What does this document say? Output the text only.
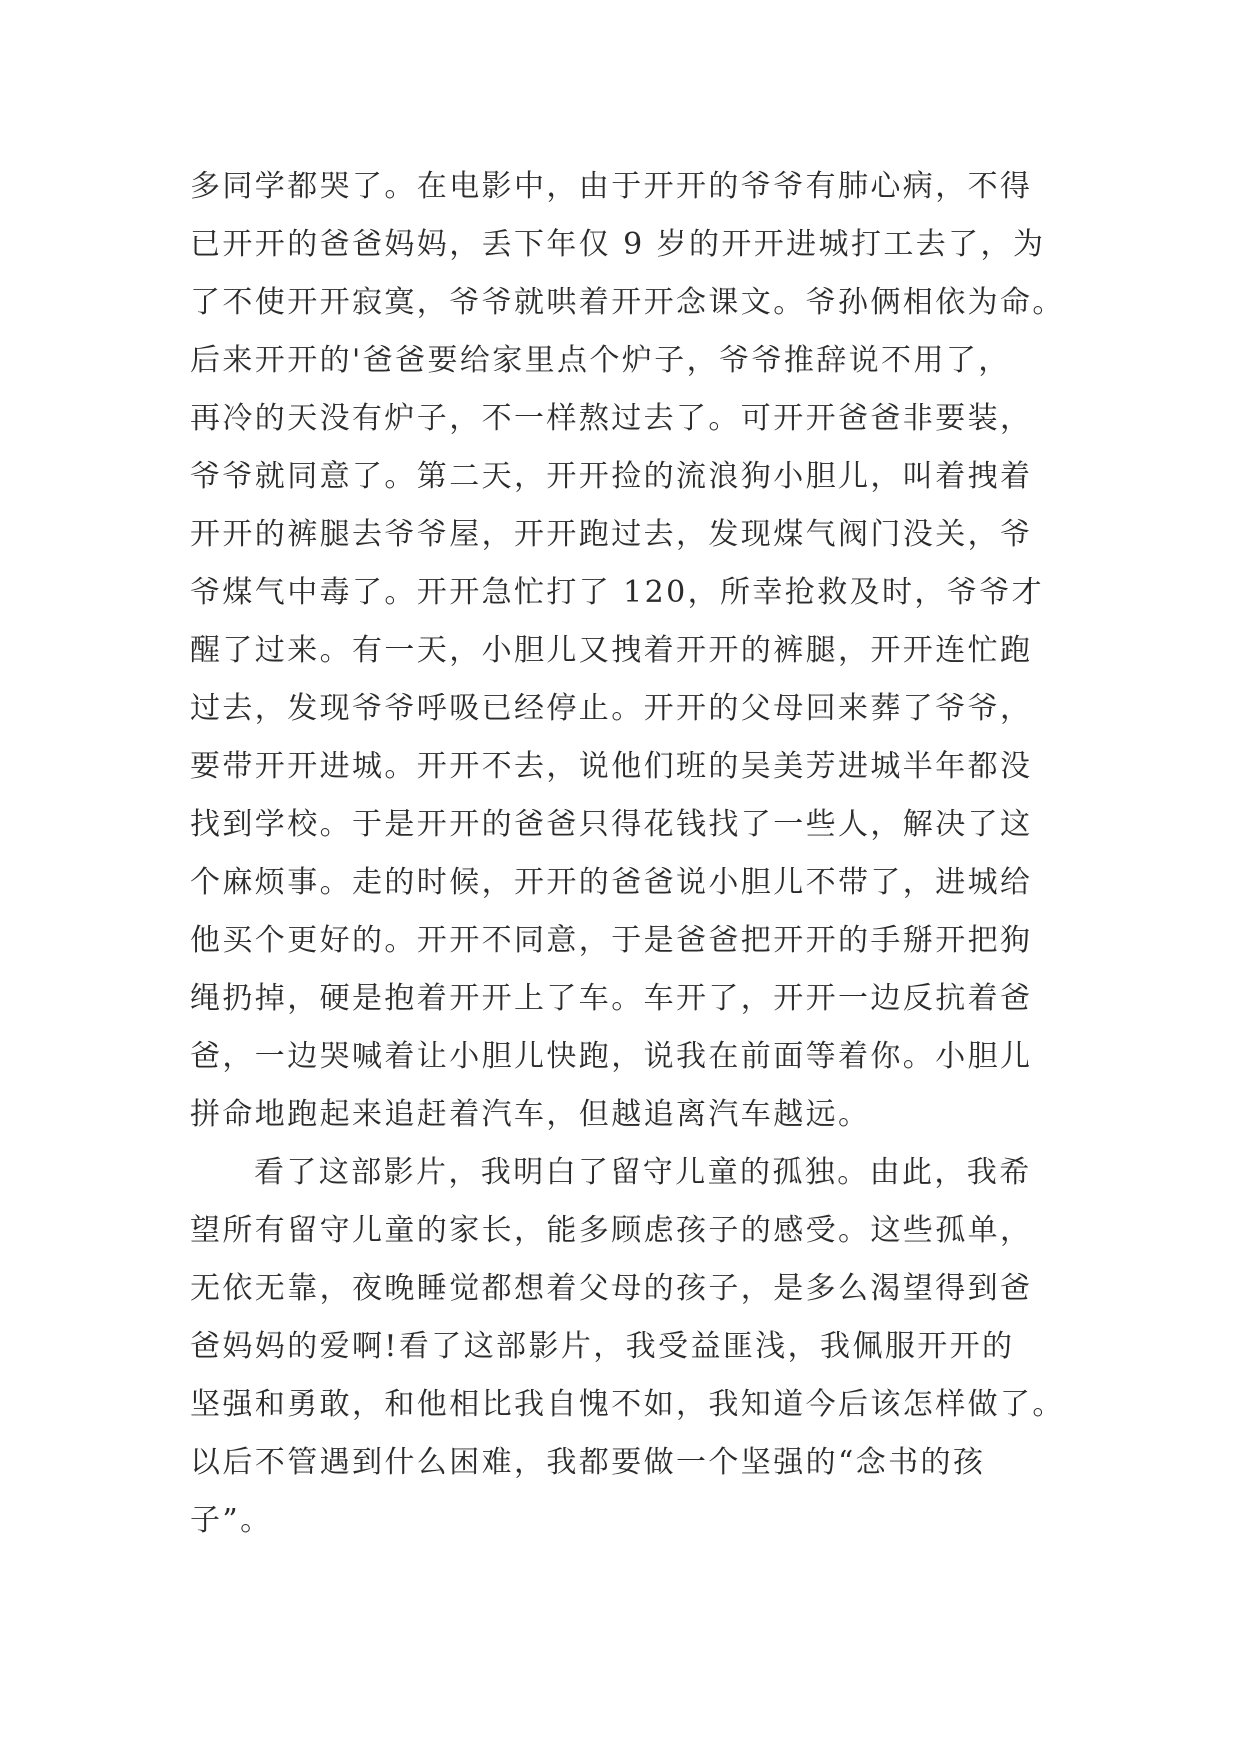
多同学都哭了。在电影中，由于开开的爷爷有肺心病，不得
已开开的爸爸妈妈，丢下年仅 9 岁的开开进城打工去了，为
了不使开开寂寞，爷爷就哄着开开念课文。爷孙俩相依为命。
后来开开的'爸爸要给家里点个炉子，爷爷推辞说不用了，
再冷的天没有炉子，不一样熬过去了。可开开爸爸非要装，
爷爷就同意了。第二天，开开捡的流浪狗小胆儿，叫着拽着
开开的裤腿去爷爷屋，开开跑过去，发现煤气阀门没关，爷
爷煤气中毒了。开开急忙打了 120，所幸抢救及时，爷爷才
醒了过来。有一天，小胆儿又拽着开开的裤腿，开开连忙跑
过去，发现爷爷呼吸已经停止。开开的父母回来葬了爷爷，
要带开开进城。开开不去，说他们班的吴美芳进城半年都没
找到学校。于是开开的爸爸只得花钱找了一些人，解决了这
个麻烦事。走的时候，开开的爸爸说小胆儿不带了，进城给
他买个更好的。开开不同意，于是爸爸把开开的手掰开把狗
绳扔掉，硬是抱着开开上了车。车开了，开开一边反抗着爸
爸，一边哭喊着让小胆儿快跑，说我在前面等着你。小胆儿
拼命地跑起来追赶着汽车，但越追离汽车越远。
看了这部影片，我明白了留守儿童的孤独。由此，我希
望所有留守儿童的家长，能多顾虑孩子的感受。这些孤单，
无依无靠，夜晚睡觉都想着父母的孩子，是多么渴望得到爸
爸妈妈的爱啊!看了这部影片，我受益匪浅，我佩服开开的
坚强和勇敢，和他相比我自愧不如，我知道今后该怎样做了。
以后不管遇到什么困难，我都要做一个坚强的“念书的孩
子”。
